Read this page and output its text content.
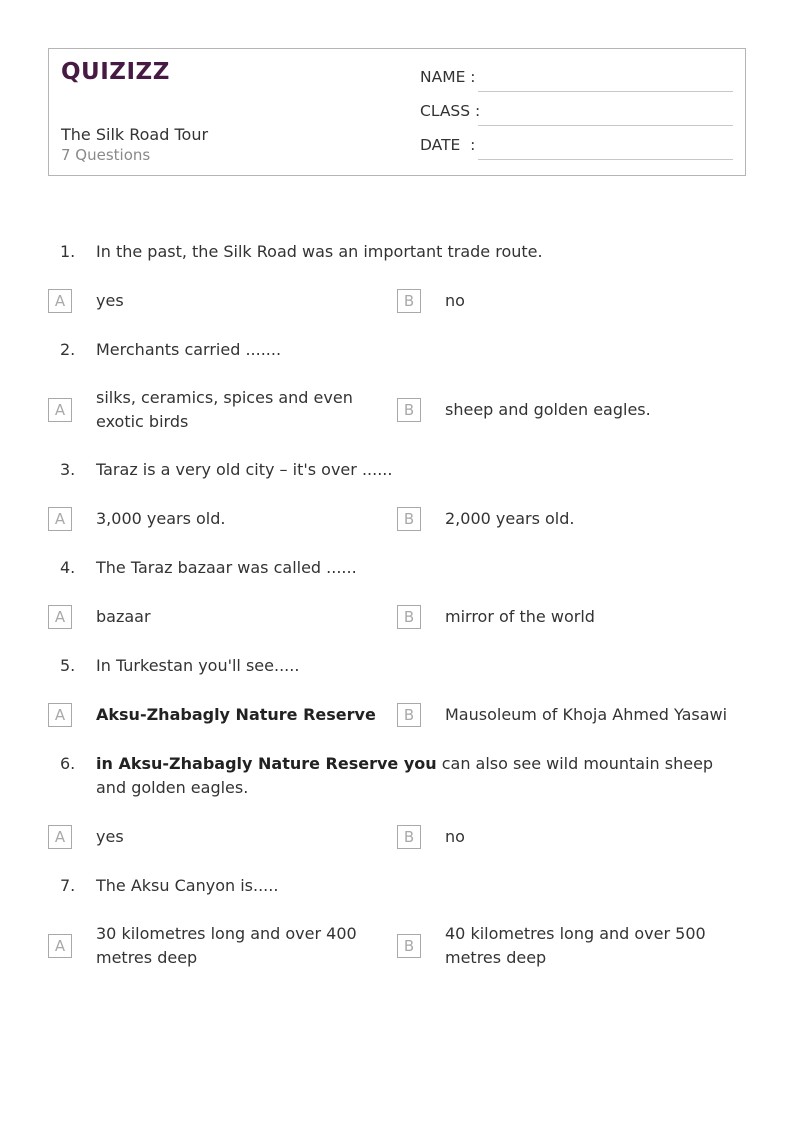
QUIZIZZ
The Silk Road Tour
7 Questions
NAME :
CLASS :
DATE  :
1. In the past, the Silk Road was an important trade route.
A	yes	B	no
2. Merchants carried .......
A
silks, ceramics, spices and even exotic birds
B	sheep and golden eagles.
3. Taraz is a very old city – it's over ......
A	3,000 years old.	B	2,000 years old.
4. The Taraz bazaar was called ......
A	bazaar	B	mirror of the world
5. In Turkestan you'll see.....
A	Aksu-Zhabagly Nature Reserve	B	Mausoleum of Khoja Ahmed Yasawi
6. in Aksu-Zhabagly Nature Reserve you can also see wild mountain sheep and golden eagles.
A	yes	B	no
7. The Aksu Canyon is.....
A
30 kilometres long and over 400 metres deep
B
40 kilometres long and over 500 metres deep
